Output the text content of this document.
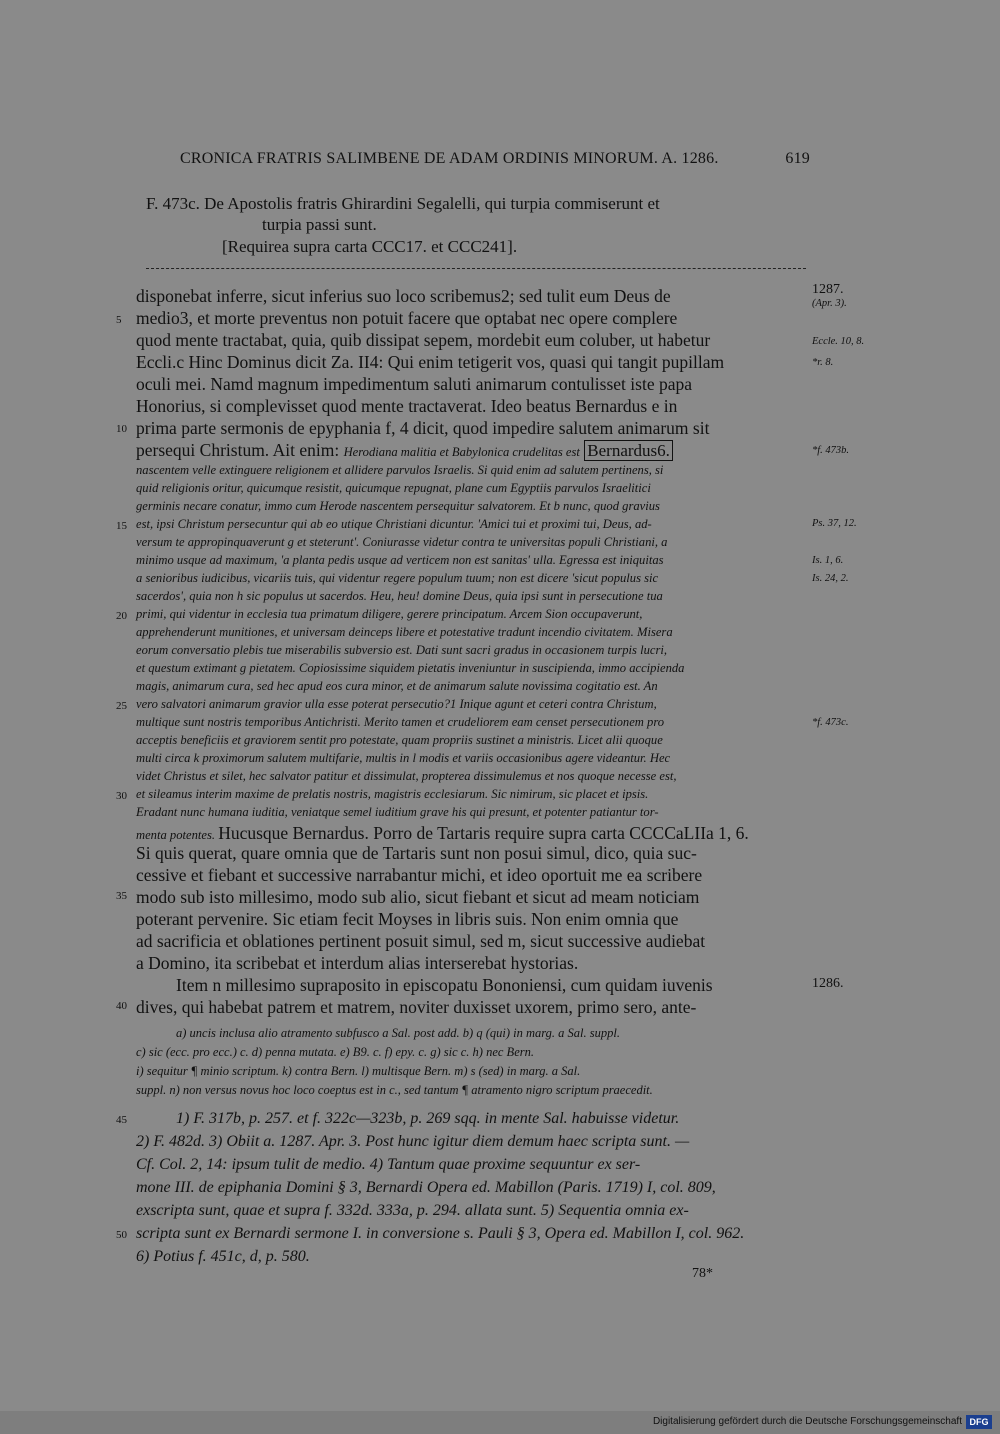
CRONICA FRATRIS SALIMBENE DE ADAM ORDINIS MINORUM. A. 1286.	619
F. 473c. De Apostolis fratris Ghirardini Segalelli, qui turpia commiserunt et
turpia passi sunt.
[Requirea supra carta CCC17. et CCC241].
disponebat inferre, sicut inferius suo loco scribemus2; sed tulit eum Deus de
medio3, et morte preventus non potuit facere que optabat nec opere complere
quod mente tractabat, quia, quib dissipat sepem, mordebit eum coluber, ut habetur
Eccli.c Hinc Dominus dicit Za. II4: Qui enim tetigerit vos, quasi qui tangit pupillam
oculi mei. Namd magnum impedimentum saluti animarum contulisset iste papa
Honorius, si complevisset quod mente tractaverat. Ideo beatus Bernardus e in
prima parte sermonis de epyphania f, 4 dicit, quod impedire salutem animarum sit
persequi Christum. Ait enim: Herodiana malitia et Babylonica crudelitas est Bernardus6.
5
10
nascentem velle extinguere religionem et allidere parvulos Israelis. Si quid enim ad salutem pertinens, si
quid religionis oritur, quicumque resistit, quicumque repugnat, plane cum Egyptiis parvulos Israelitici
germinis necare conatur, immo cum Herode nascentem persequitur salvatorem. Et b nunc, quod gravius
est, ipsi Christum persecuntur qui ab eo utique Christiani dicuntur. 'Amici tui et proximi tui, Deus, ad-
versum te appropinquaverunt g et steterunt'. Coniurasse videtur contra te universitas populi Christiani, a
minimo usque ad maximum, 'a planta pedis usque ad verticem non est sanitas' ulla. Egressa est iniquitas
a senioribus iudicibus, vicariis tuis, qui videntur regere populum tuum; non est dicere 'sicut populus sic
sacerdos', quia non h sic populus ut sacerdos. Heu, heu! domine Deus, quia ipsi sunt in persecutione tua
primi, qui videntur in ecclesia tua primatum diligere, gerere principatum. Arcem Sion occupaverunt,
apprehenderunt munitiones, et universam deinceps libere et potestative tradunt incendio civitatem. Misera
eorum conversatio plebis tue miserabilis subversio est. Dati sunt sacri gradus in occasionem turpis lucri,
et questum extimant g pietatem. Copiosissime siquidem pietatis inveniuntur in suscipienda, immo accipienda
magis, animarum cura, sed hec apud eos cura minor, et de animarum salute novissima cogitatio est. An
vero salvatori animarum gravior ulla esse poterat persecutio?1 Inique agunt et ceteri contra Christum,
multique sunt nostris temporibus Antichristi. Merito tamen et crudeliorem eam censet persecutionem pro
acceptis beneficiis et graviorem sentit pro potestate, quam propriis sustinet a ministris. Licet alii quoque
multi circa k proximorum salutem multifarie, multis in l modis et variis occasionibus agere videantur. Hec
videt Christus et silet, hec salvator patitur et dissimulat, propterea dissimulemus et nos quoque necesse est,
et sileamus interim maxime de prelatis nostris, magistris ecclesiarum. Sic nimirum, sic placet et ipsis.
Eradant nunc humana iuditia, veniatque semel iuditium grave his qui presunt, et potenter patiantur tor-
menta potentes. Hucusque Bernardus. Porro de Tartaris require supra carta CCCCaLIIa 1, 6.
15
20
25
30
Si quis querat, quare omnia que de Tartaris sunt non posui simul, dico, quia suc-
cessive et fiebant et successive narrabantur michi, et ideo oportuit me ea scribere
modo sub isto millesimo, modo sub alio, sicut fiebant et sicut ad meam noticiam
poterant pervenire. Sic etiam fecit Moyses in libris suis. Non enim omnia que
ad sacrificia et oblationes pertinent posuit simul, sed m, sicut successive audiebat
a Domino, ita scribebat et interdum alias interserebat hystorias.
Item n millesimo supraposito in episcopatu Bononiensi, cum quidam iuvenis
dives, qui habebat patrem et matrem, noviter duxisset uxorem, primo sero, ante-
35
40
1287.
(Apr. 3).
Eccle. 10, 8.
*r. 8.
*f. 473b.
Ps. 37, 12.
Is. 1, 6.
Is. 24, 2.
*f. 473c.
1286.
a) uncis inclusa alio atramento subfusco a Sal. post add. b) q (qui) in marg. a Sal. suppl.
c) sic (ecc. pro ecc.) c. d) penna mutata. e) B9. c. f) epy. c. g) sic c. h) nec Bern.
i) sequitur ¶ minio scriptum. k) contra Bern. l) multisque Bern. m) s (sed) in marg. a Sal.
suppl. n) non versus novus hoc loco coeptus est in c., sed tantum ¶ atramento nigro scriptum praecedit.
1) F. 317b, p. 257. et f. 322c—323b, p. 269 sqq. in mente Sal. habuisse videtur.
2) F. 482d. 3) Obiit a. 1287. Apr. 3. Post hunc igitur diem demum haec scripta sunt. —
Cf. Col. 2, 14: ipsum tulit de medio. 4) Tantum quae proxime sequuntur ex ser-
mone III. de epiphania Domini § 3, Bernardi Opera ed. Mabillon (Paris. 1719) I, col. 809,
exscripta sunt, quae et supra f. 332d. 333a, p. 294. allata sunt. 5) Sequentia omnia ex-
scripta sunt ex Bernardi sermone I. in conversione s. Pauli § 3, Opera ed. Mabillon I, col. 962.
6) Potius f. 451c, d, p. 580.
45
50
78*
Digitalisierung gefördert durch die Deutsche Forschungsgemeinschaft DFG
